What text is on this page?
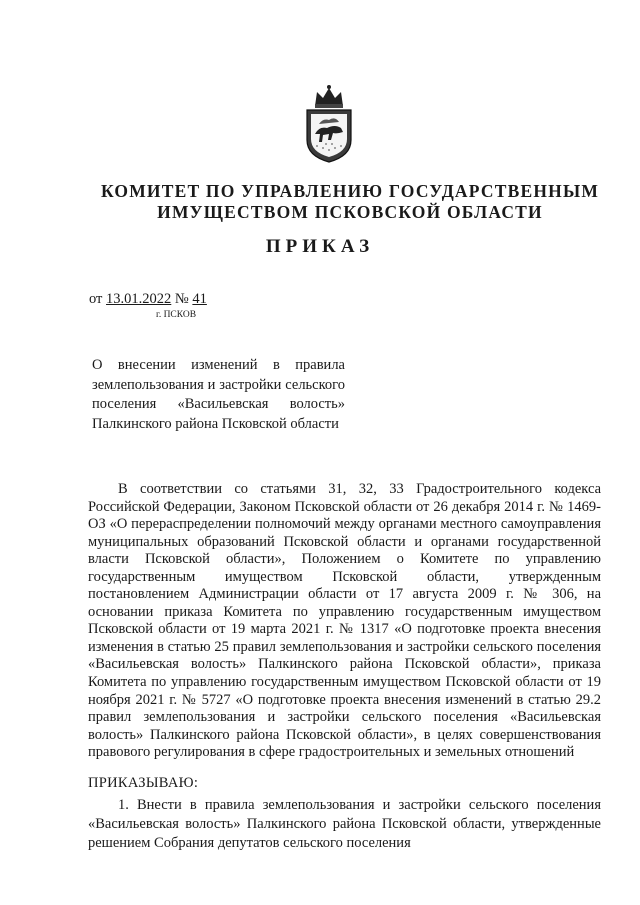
КОМИТЕТ ПО УПРАВЛЕНИЮ ГОСУДАРСТВЕННЫМ
ИМУЩЕСТВОМ ПСКОВСКОЙ ОБЛАСТИ
ПРИКАЗ
от 13.01.2022 № 41
г. ПСКОВ
О внесении изменений в правила землепользования и застройки сельского поселения «Васильевская волость» Палкинского района Псковской области

В соответствии со статьями 31, 32, 33 Градостроительного кодекса Российской Федерации, Законом Псковской области от 26 декабря 2014 г. № 1469-ОЗ «О перераспределении полномочий между органами местного самоуправления муниципальных образований Псковской области и органами государственной власти Псковской области», Положением о Комитете по управлению государственным имуществом Псковской области, утвержденным постановлением Администрации области от 17 августа 2009 г. № 306, на основании приказа Комитета по управлению государственным имуществом Псковской области от 19 марта 2021 г. № 1317 «О подготовке проекта внесения изменения в статью 25 правил землепользования и застройки сельского поселения «Васильевская волость» Палкинского района Псковской области», приказа Комитета по управлению государственным имуществом Псковской области от 19 ноября 2021 г. № 5727 «О подготовке проекта внесения изменений в статью 29.2 правил землепользования и застройки сельского поселения «Васильевская волость» Палкинского района Псковской области», в целях совершенствования правового регулирования в сфере градостроительных и земельных отношений

ПРИКАЗЫВАЮ:
1. Внести в правила землепользования и застройки сельского поселения «Васильевская волость» Палкинского района Псковской области, утвержденные решением Собрания депутатов сельского поселения
